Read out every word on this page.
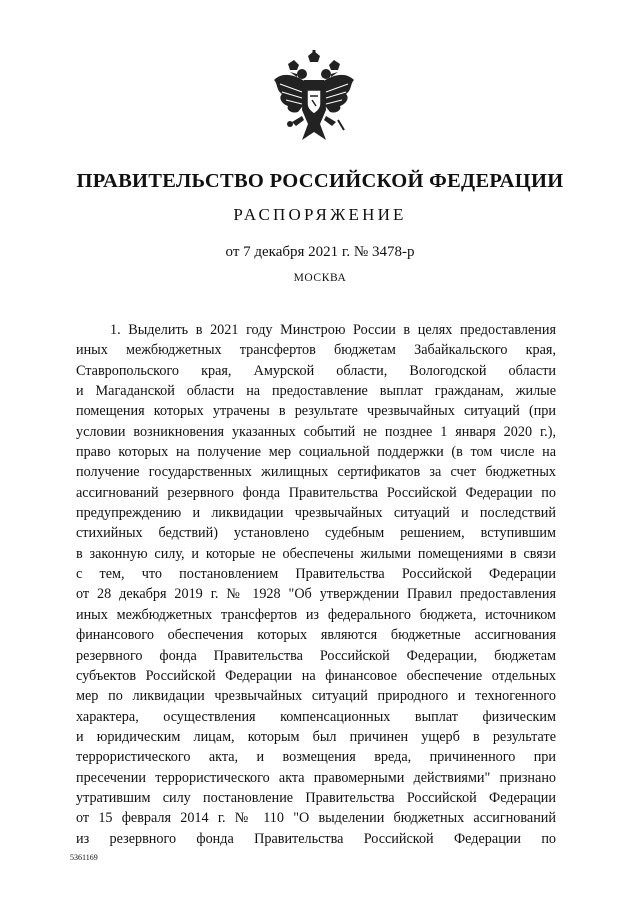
ПРАВИТЕЛЬСТВО РОССИЙСКОЙ ФЕДЕРАЦИИ
РАСПОРЯЖЕНИЕ
от 7 декабря 2021 г. № 3478-р
МОСКВА
1. Выделить в 2021 году Минстрою России в целях предоставления
иных межбюджетных трансфертов бюджетам Забайкальского края,
Ставропольского края, Амурской области, Вологодской области
и Магаданской области на предоставление выплат гражданам, жилые
помещения которых утрачены в результате чрезвычайных ситуаций (при
условии возникновения указанных событий не позднее 1 января 2020 г.),
право которых на получение мер социальной поддержки (в том числе на
получение государственных жилищных сертификатов за счет бюджетных
ассигнований резервного фонда Правительства Российской Федерации по
предупреждению и ликвидации чрезвычайных ситуаций и последствий
стихийных бедствий) установлено судебным решением, вступившим
в законную силу, и которые не обеспечены жилыми помещениями в связи
с тем, что постановлением Правительства Российской Федерации
от 28 декабря 2019 г. № 1928 "Об утверждении Правил предоставления
иных межбюджетных трансфертов из федерального бюджета, источником
финансового обеспечения которых являются бюджетные ассигнования
резервного фонда Правительства Российской Федерации, бюджетам
субъектов Российской Федерации на финансовое обеспечение отдельных
мер по ликвидации чрезвычайных ситуаций природного и техногенного
характера, осуществления компенсационных выплат физическим
и юридическим лицам, которым был причинен ущерб в результате
террористического акта, и возмещения вреда, причиненного при
пресечении террористического акта правомерными действиями" признано
утратившим силу постановление Правительства Российской Федерации
от 15 февраля 2014 г. № 110 "О выделении бюджетных ассигнований
из резервного фонда Правительства Российской Федерации по
5361169
